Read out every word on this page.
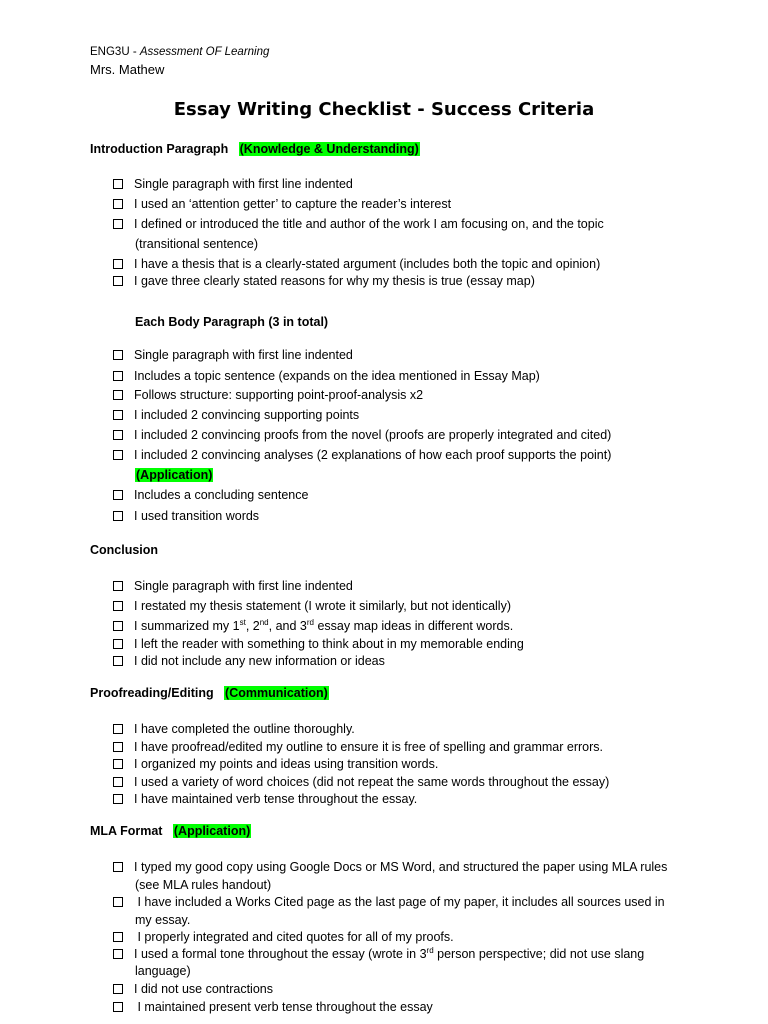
ENG3U - Assessment OF Learning
Mrs. Mathew
Essay Writing Checklist - Success Criteria
Introduction Paragraph (Knowledge & Understanding)
Single paragraph with first line indented
I used an ‘attention getter’ to capture the reader’s interest
I defined or introduced the title and author of the work I am focusing on, and the topic
(transitional sentence)
I have a thesis that is a clearly-stated argument (includes both the topic and opinion)
I gave three clearly stated reasons for why my thesis is true (essay map)
Each Body Paragraph (3 in total)
Single paragraph with first line indented
Includes a topic sentence (expands on the idea mentioned in Essay Map)
Follows structure: supporting point-proof-analysis x2
I included 2 convincing supporting points
I included 2 convincing proofs from the novel (proofs are properly integrated and cited)
I included 2 convincing analyses (2 explanations of how each proof supports the point)
(Application)
Includes a concluding sentence
I used transition words
Conclusion
Single paragraph with first line indented
I restated my thesis statement (I wrote it similarly, but not identically)
I summarized my 1st, 2nd, and 3rd essay map ideas in different words.
I left the reader with something to think about in my memorable ending
I did not include any new information or ideas
Proofreading/Editing (Communication)
I have completed the outline thoroughly.
I have proofread/edited my outline to ensure it is free of spelling and grammar errors.
I organized my points and ideas using transition words.
I used a variety of word choices (did not repeat the same words throughout the essay)
I have maintained verb tense throughout the essay.
MLA Format (Application)
I typed my good copy using Google Docs or MS Word, and structured the paper using MLA rules
(see MLA rules handout)
I have included a Works Cited page as the last page of my paper, it includes all sources used in
my essay.
I properly integrated and cited quotes for all of my proofs.
I used a formal tone throughout the essay (wrote in 3rd person perspective; did not use slang
language)
I did not use contractions
I maintained present verb tense throughout the essay
